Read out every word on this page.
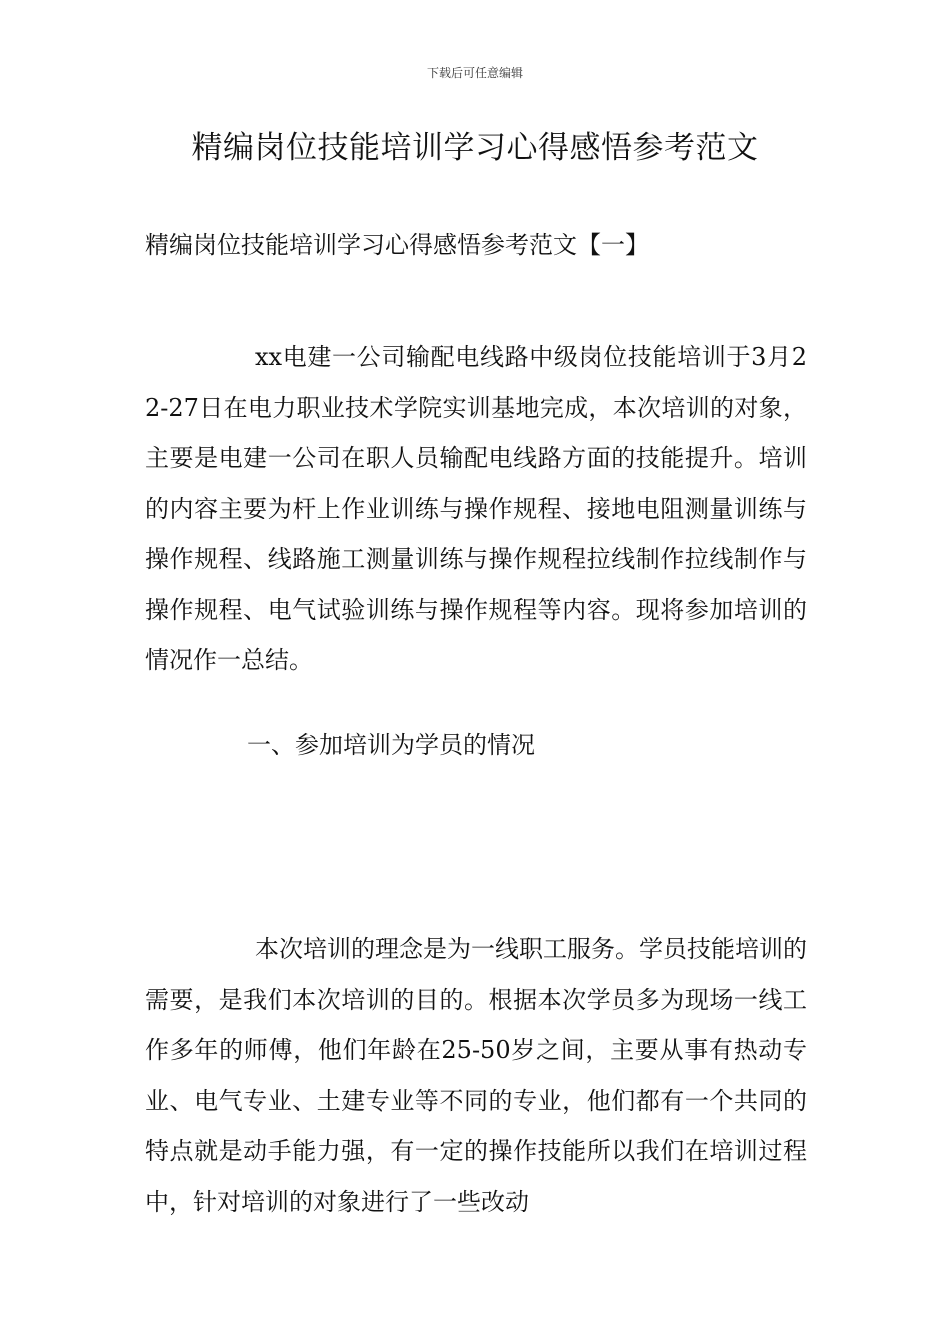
下载后可任意编辑
精编岗位技能培训学习心得感悟参考范文

精编岗位技能培训学习心得感悟参考范文【一】

xx电建一公司输配电线路中级岗位技能培训于3月22-27日在电力职业技术学院实训基地完成，本次培训的对象，主要是电建一公司在职人员输配电线路方面的技能提升。培训的内容主要为杆上作业训练与操作规程、接地电阻测量训练与操作规程、线路施工测量训练与操作规程拉线制作拉线制作与操作规程、电气试验训练与操作规程等内容。现将参加培训的情况作一总结。

一、参加培训为学员的情况

本次培训的理念是为一线职工服务。学员技能培训的需要，是我们本次培训的目的。根据本次学员多为现场一线工作多年的师傅，他们年龄在25-50岁之间，主要从事有热动专业、电气专业、土建专业等不同的专业，他们都有一个共同的特点就是动手能力强，有一定的操作技能所以我们在培训过程中，针对培训的对象进行了一些改动
